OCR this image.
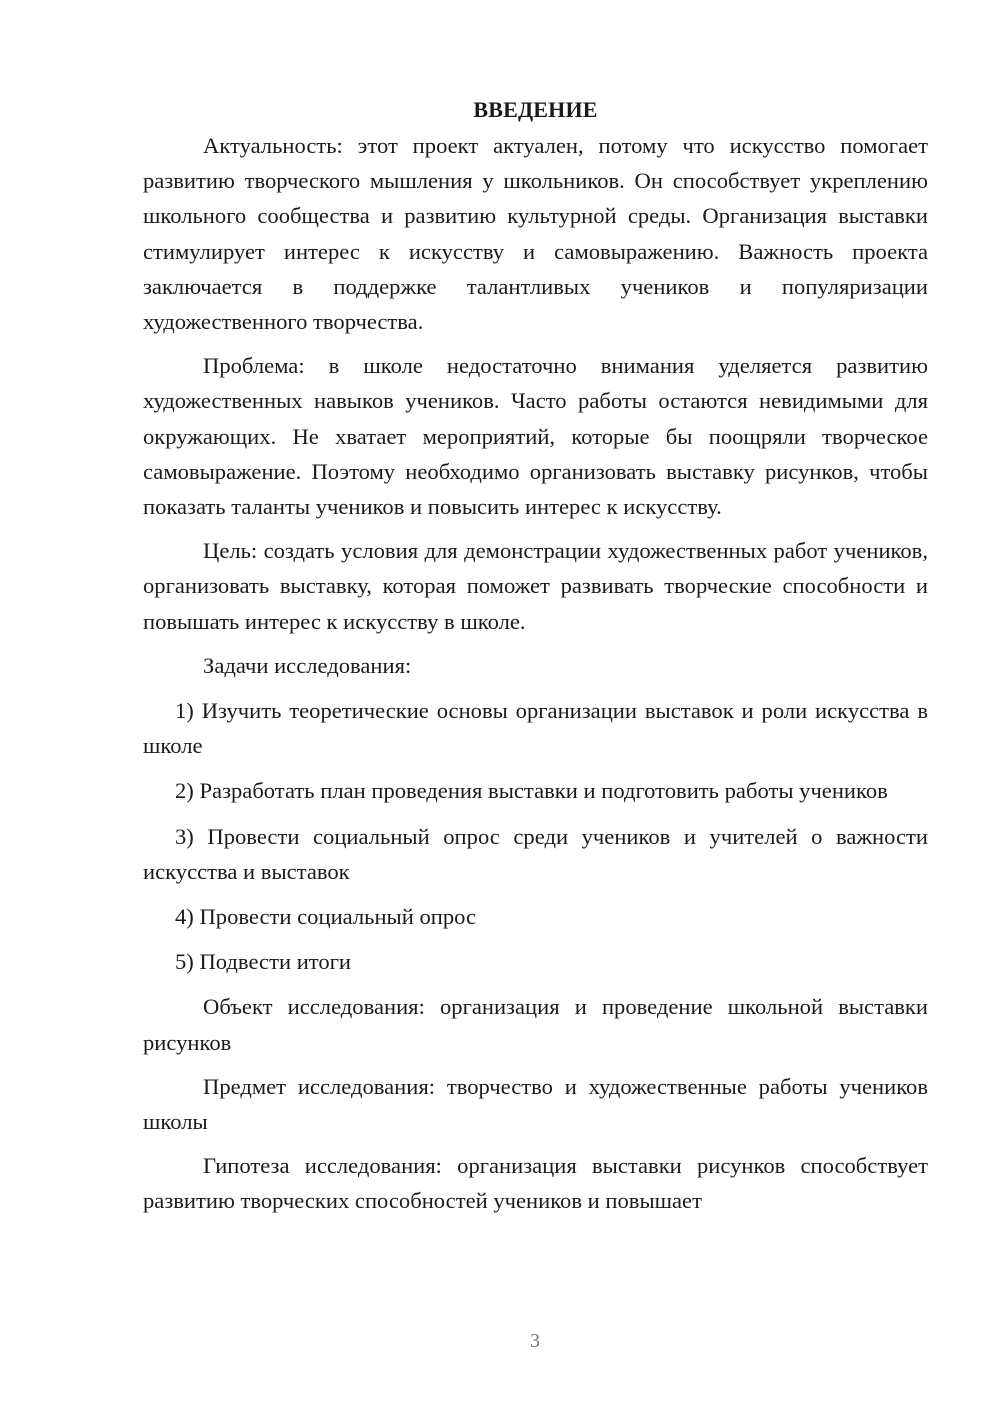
ВВЕДЕНИЕ

Актуальность: этот проект актуален, потому что искусство помогает развитию творческого мышления у школьников. Он способствует укреплению школьного сообщества и развитию культурной среды. Организация выставки стимулирует интерес к искусству и самовыражению. Важность проекта заключается в поддержке талантливых учеников и популяризации художественного творчества.

Проблема: в школе недостаточно внимания уделяется развитию художественных навыков учеников. Часто работы остаются невидимыми для окружающих. Не хватает мероприятий, которые бы поощряли творческое самовыражение. Поэтому необходимо организовать выставку рисунков, чтобы показать таланты учеников и повысить интерес к искусству.

Цель: создать условия для демонстрации художественных работ учеников, организовать выставку, которая поможет развивать творческие способности и повышать интерес к искусству в школе.

Задачи исследования:

1) Изучить теоретические основы организации выставок и роли искусства в школе

2) Разработать план проведения выставки и подготовить работы учеников

3) Провести социальный опрос среди учеников и учителей о важности искусства и выставок

4) Провести социальный опрос

5) Подвести итоги

Объект исследования: организация и проведение школьной выставки рисунков

Предмет исследования: творчество и художественные работы учеников школы

Гипотеза исследования: организация выставки рисунков способствует развитию творческих способностей учеников и повышает

3
